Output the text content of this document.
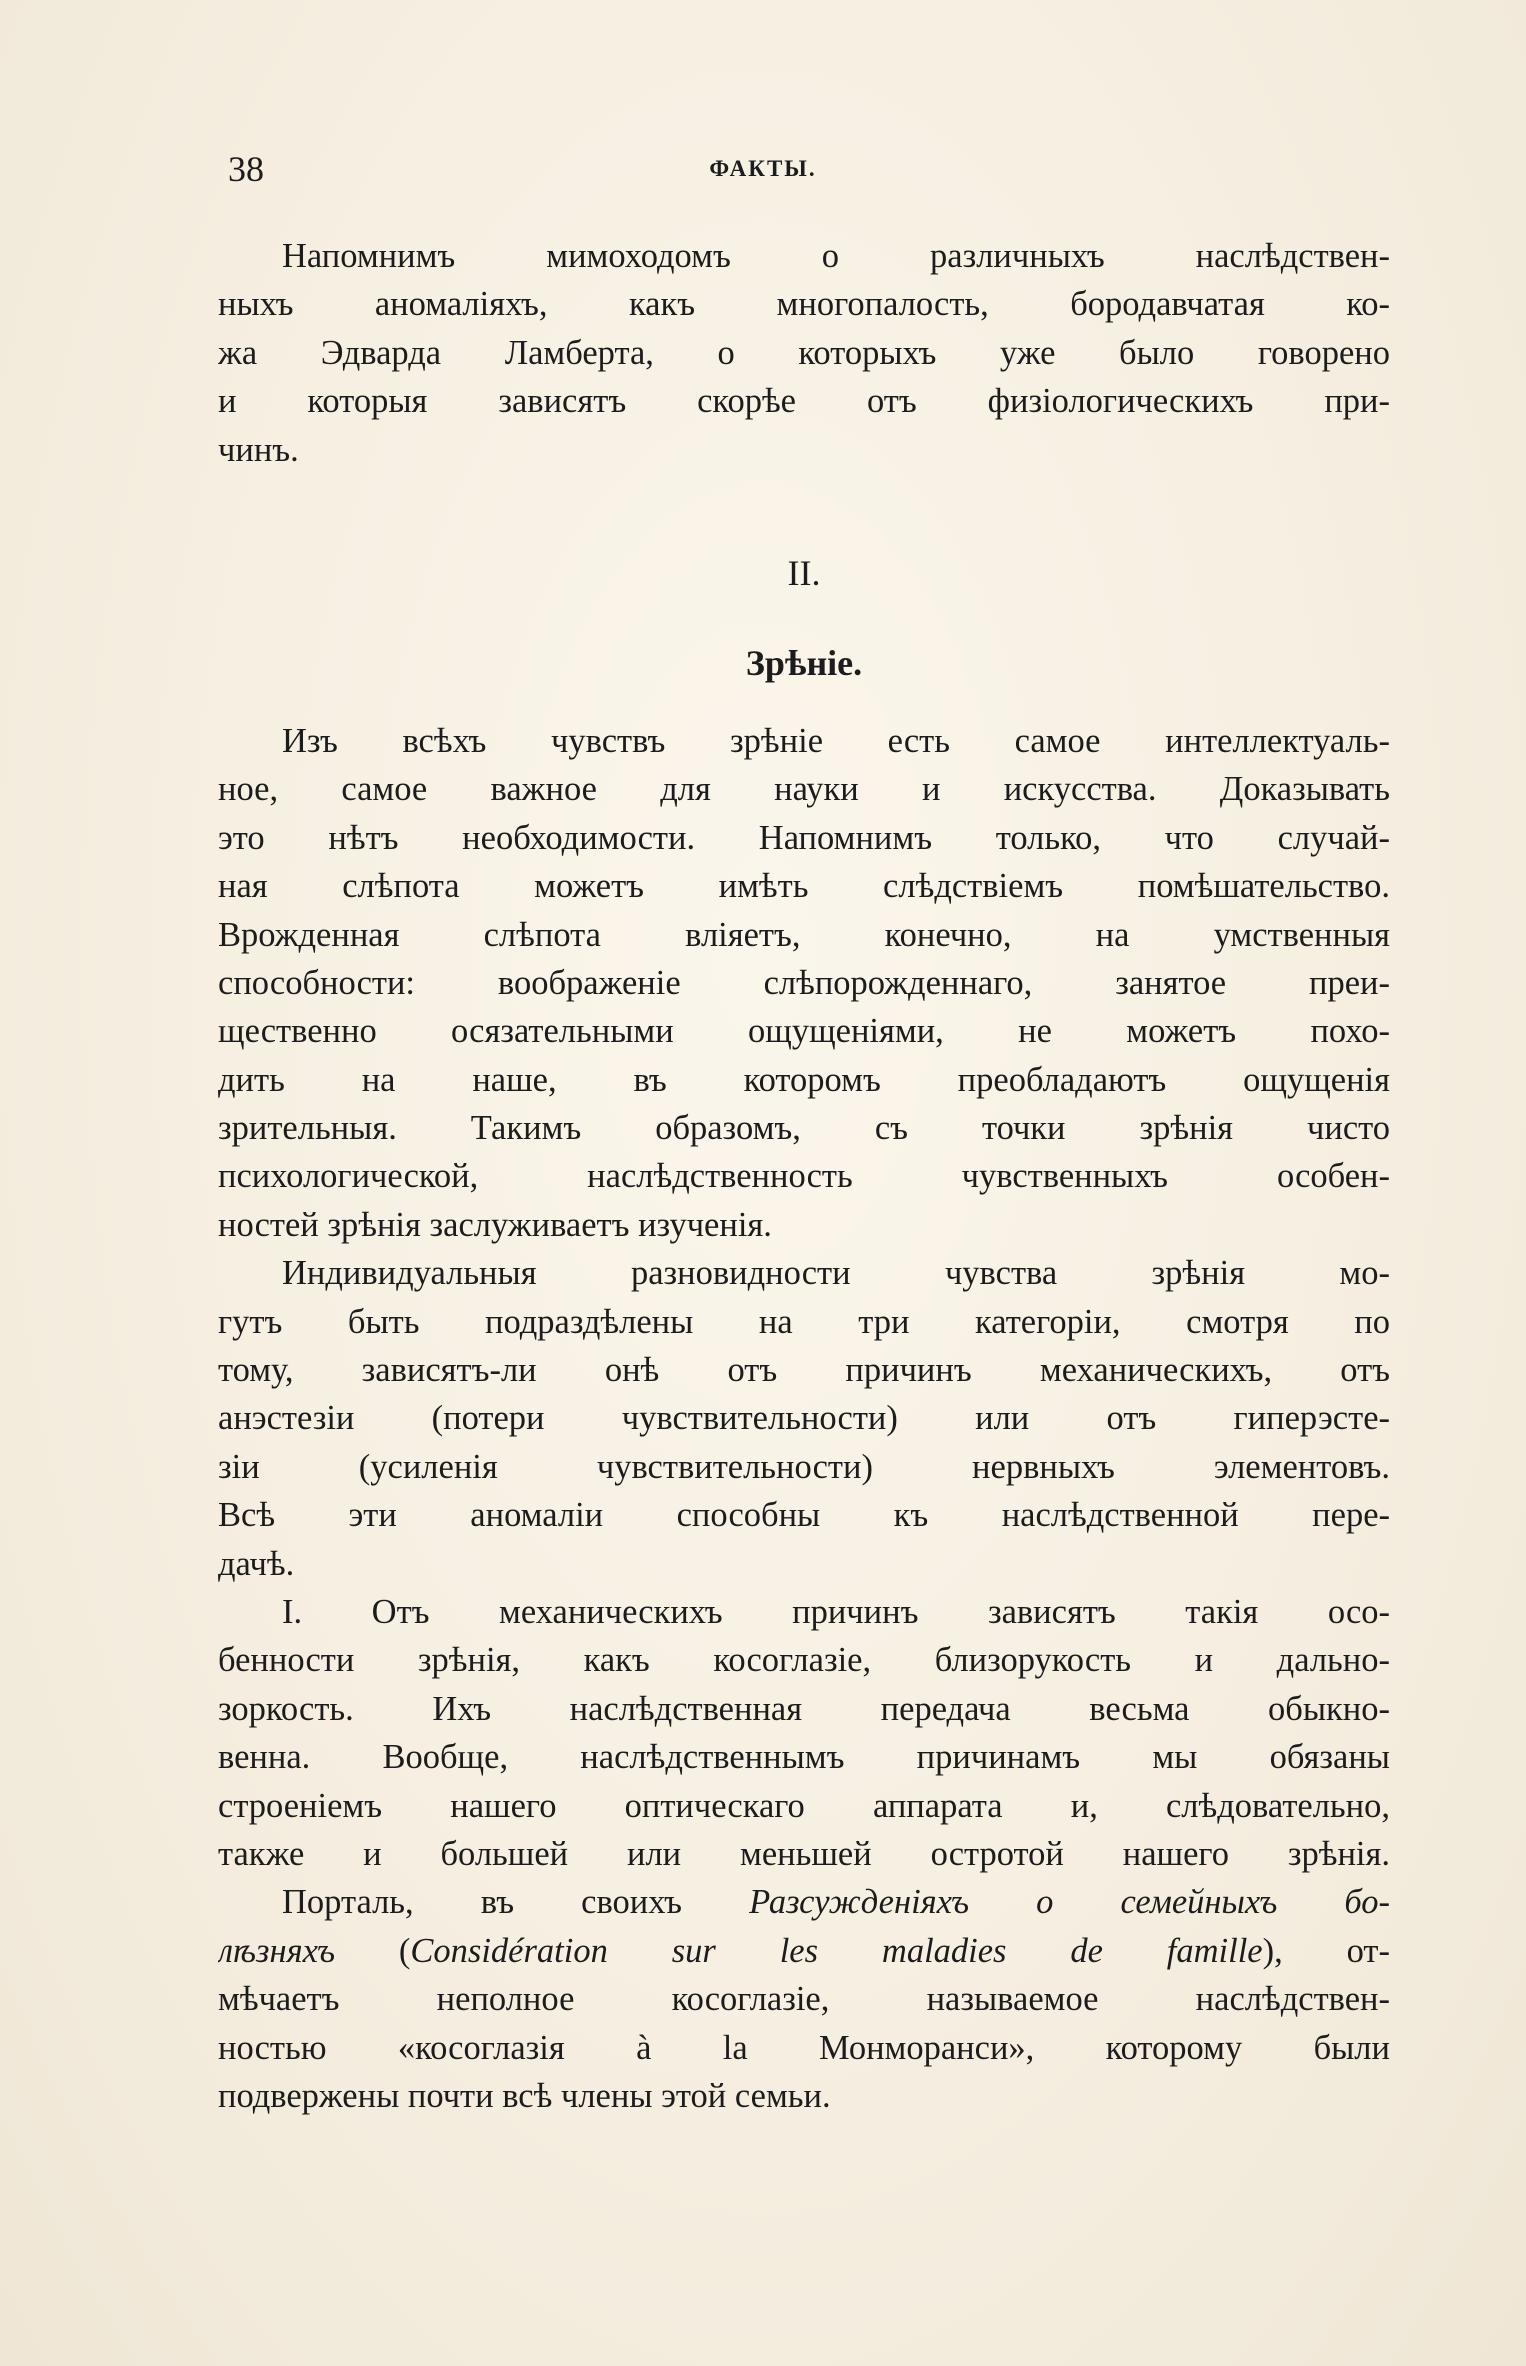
38	ФАКТЫ.

Напомнимъ мимоходомъ о различныхъ наслѣдствен-

ныхъ аномаліяхъ, какъ многопалость, бородавчатая ко-

жа Эдварда Ламберта, о которыхъ уже было говорено

и которыя зависятъ скорѣе отъ физіологическихъ при-

чинъ.

II.

Зрѣніе.

Изъ всѣхъ чувствъ зрѣніе есть самое интеллектуаль-

ное, самое важное для науки и искусства. Доказывать

это нѣтъ необходимости. Напомнимъ только, что случай-

ная слѣпота можетъ имѣть слѣдствіемъ помѣшательство.

Врожденная слѣпота вліяетъ, конечно, на умственныя

способности: воображеніе слѣпорожденнаго, занятое преи-

щественно осязательными ощущеніями, не можетъ похо-

дить на наше, въ которомъ преобладаютъ ощущенія

зрительныя. Такимъ образомъ, съ точки зрѣнія чисто

психологической, наслѣдственность чувственныхъ особен-

ностей зрѣнія заслуживаетъ изученія.

Индивидуальныя разновидности чувства зрѣнія мо-

гутъ быть подраздѣлены на три категоріи, смотря по

тому, зависятъ-ли онѣ отъ причинъ механическихъ, отъ

анэстезіи (потери чувствительности) или отъ гиперэсте-

зіи (усиленія чувствительности) нервныхъ элементовъ.

Всѣ эти аномаліи способны къ наслѣдственной пере-

дачѣ.

I. Отъ механическихъ причинъ зависятъ такія осо-

бенности зрѣнія, какъ косоглазіе, близорукость и дально-

зоркость. Ихъ наслѣдственная передача весьма обыкно-

венна. Вообще, наслѣдственнымъ причинамъ мы обязаны

строеніемъ нашего оптическаго аппарата и, слѣдовательно,

также и большей или меньшей остротой нашего зрѣнія.

Порталь, въ своихъ Разсужденіяхъ о семейныхъ бо-

лѣзняхъ (Considération sur les maladies de famille), от-

мѣчаетъ неполное косоглазіе, называемое наслѣдствен-

ностью «косоглазія à la Монморанси», которому были

подвержены почти всѣ члены этой семьи.
